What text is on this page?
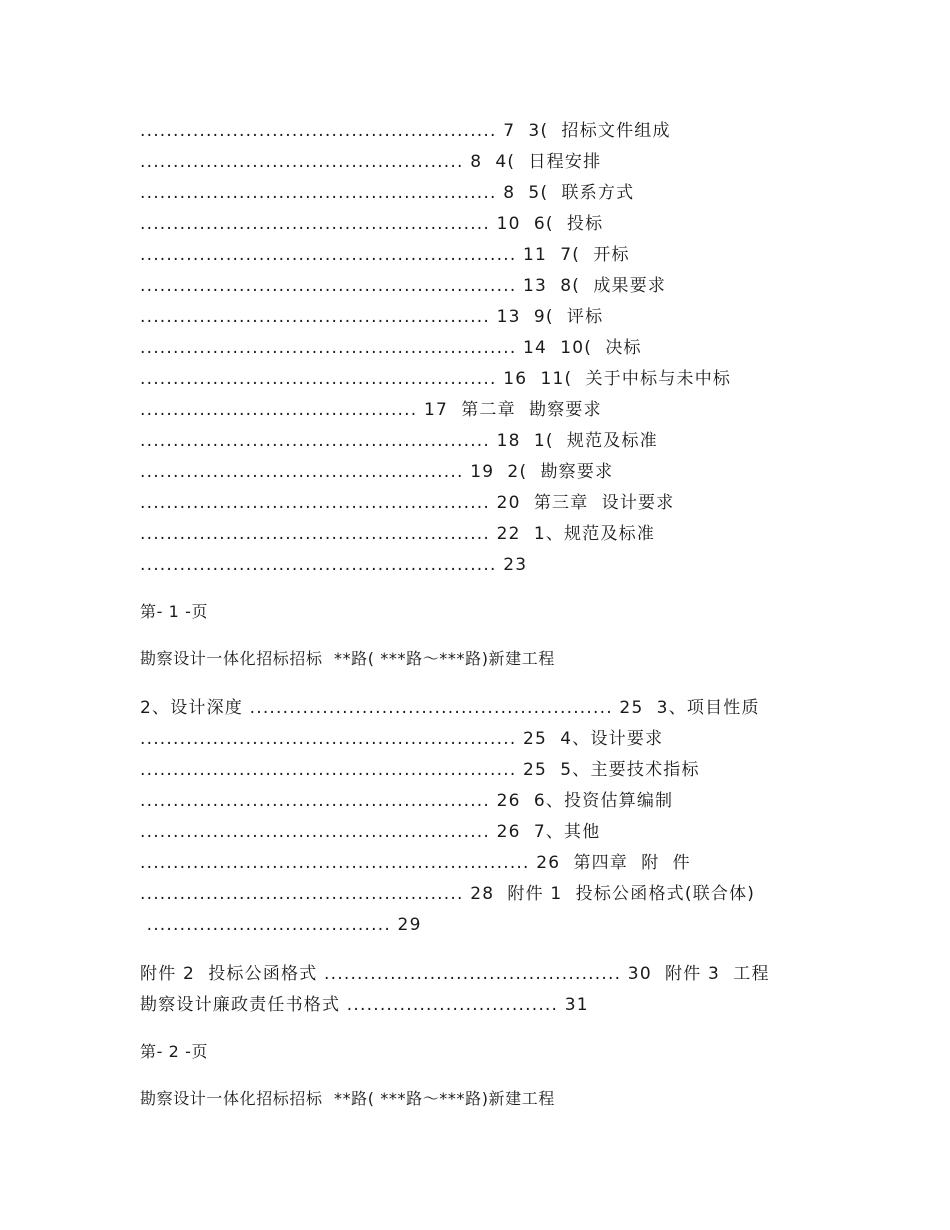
...................................................... 7  3(  招标文件组成
................................................. 8  4(  日程安排
...................................................... 8  5(  联系方式
..................................................... 10  6(  投标
......................................................... 11  7(  开标
......................................................... 13  8(  成果要求
..................................................... 13  9(  评标
......................................................... 14  10(  决标
...................................................... 16  11(  关于中标与未中标
.......................................... 17  第二章  勘察要求
..................................................... 18  1(  规范及标准
................................................. 19  2(  勘察要求
..................................................... 20  第三章  设计要求
..................................................... 22  1、规范及标准
...................................................... 23
第- 1 -页
勘察设计一体化招标招标  **路( ***路～***路)新建工程
2、设计深度 ....................................................... 25  3、项目性质
......................................................... 25  4、设计要求
......................................................... 25  5、主要技术指标
..................................................... 26  6、投资估算编制
..................................................... 26  7、其他
........................................................... 26  第四章  附  件
................................................. 28  附件 1  投标公函格式(联合体)
..................................... 29
附件 2  投标公函格式 ............................................. 30  附件 3  工程
勘察设计廉政责任书格式 ................................ 31
第- 2 -页
勘察设计一体化招标招标  **路( ***路～***路)新建工程
